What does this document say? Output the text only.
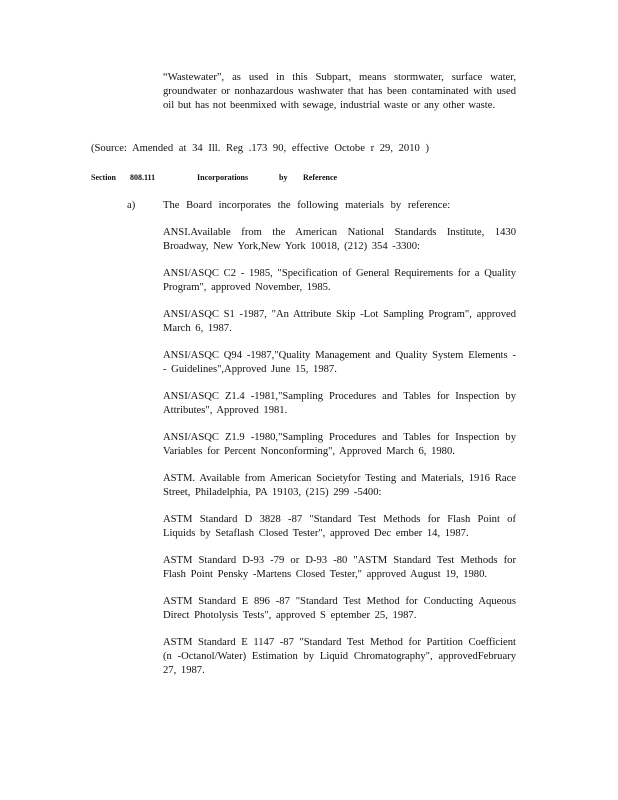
“Wastewater”, as used in this Subpart, means stormwater, surface water, groundwater or nonhazardous washwater that has been contaminated with used oil but has not beenmixed with sewage, industrial waste or any other waste.

(Source: Amended at 34 Ill. Reg .173 90, effective Octobe r 29, 2010 )

Section 808.111	Incorporations	by Reference
a)	The Board incorporates the following materials by reference:

ANSI.Available from the American National Standards Institute, 1430 Broadway, New York,New York 10018, (212) 354 -3300:

ANSI/ASQC C2 - 1985, "Specification of General Requirements for a Quality Program", approved November, 1985.

ANSI/ASQC S1 -1987, "An Attribute Skip -Lot Sampling Program", approved March 6, 1987.

ANSI/ASQC Q94 -1987,"Quality Management and Quality System Elements -- Guidelines",Approved June 15, 1987.

ANSI/ASQC Z1.4 -1981,"Sampling Procedures and Tables for Inspection by Attributes", Approved 1981.

ANSI/ASQC Z1.9 -1980,"Sampling Procedures and Tables for Inspection by Variables for Percent Nonconforming", Approved March 6, 1980.

ASTM. Available from American Societyfor Testing and Materials, 1916 Race Street, Philadelphia, PA 19103, (215) 299 -5400:

ASTM Standard D 3828 -87 "Standard Test Methods for Flash Point of Liquids by Setaflash Closed Tester", approved Dec ember 14, 1987.

ASTM Standard D-93 -79 or D-93 -80 "ASTM Standard Test Methods for Flash Point Pensky -Martens Closed Tester," approved August 19, 1980.

ASTM Standard E 896 -87 "Standard Test Method for Conducting Aqueous Direct Photolysis Tests", approved S eptember 25, 1987.

ASTM Standard E 1147 -87 "Standard Test Method for Partition Coefficient (n -Octanol/Water) Estimation by Liquid Chromatography", approvedFebruary 27, 1987.
